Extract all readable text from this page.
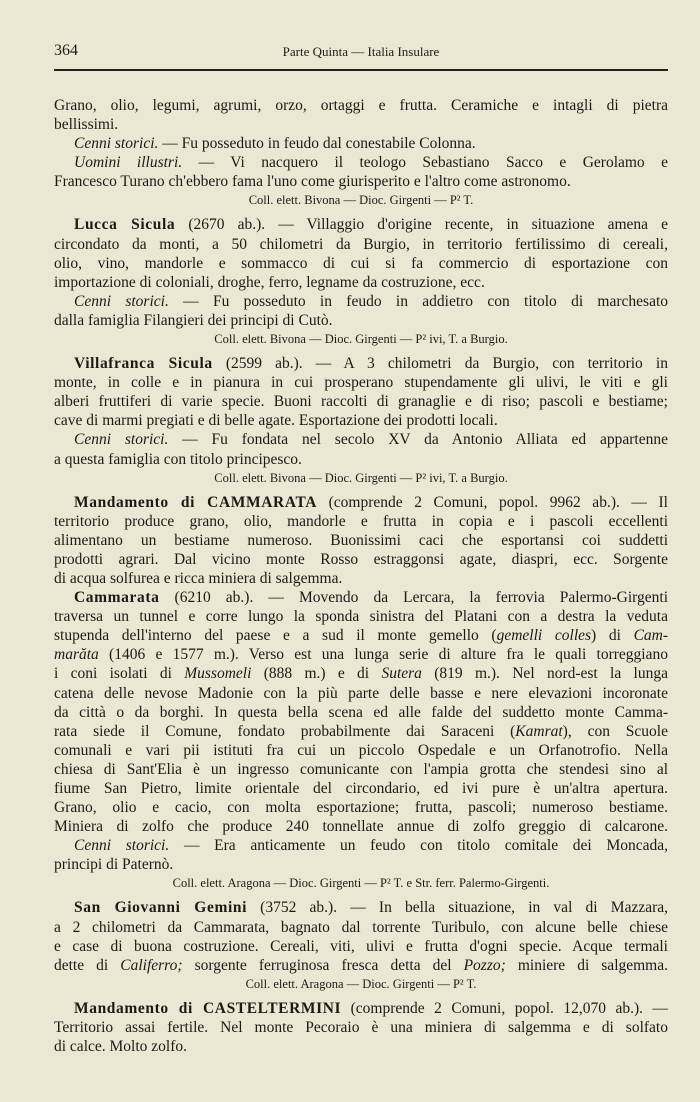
364	Parte Quinta — Italia Insulare
Grano, olio, legumi, agrumi, orzo, ortaggi e frutta. Ceramiche e intagli di pietra
bellissimi.
Cenni storici. — Fu posseduto in feudo dal conestabile Colonna.
Uomini illustri. — Vi nacquero il teologo Sebastiano Sacco e Gerolamo e
Francesco Turano ch'ebbero fama l'uno come giurisperito e l'altro come astronomo.
Coll. elett. Bivona — Dioc. Girgenti — P² T.
Lucca Sicula (2670 ab.). — Villaggio d'origine recente, in situazione amena e
circondato da monti, a 50 chilometri da Burgio, in territorio fertilissimo di cereali,
olio, vino, mandorle e sommacco di cui si fa commercio di esportazione con
importazione di coloniali, droghe, ferro, legname da costruzione, ecc.
Cenni storici. — Fu posseduto in feudo in addietro con titolo di marchesato
dalla famiglia Filangieri dei principi di Cutò.
Coll. elett. Bivona — Dioc. Girgenti — P² ivi, T. a Burgio.
Villafranca Sicula (2599 ab.). — A 3 chilometri da Burgio, con territorio in
monte, in colle e in pianura in cui prosperano stupendamente gli ulivi, le viti e gli
alberi fruttiferi di varie specie. Buoni raccolti di granaglie e di riso; pascoli e bestiame;
cave di marmi pregiati e di belle agate. Esportazione dei prodotti locali.
Cenni storici. — Fu fondata nel secolo XV da Antonio Alliata ed appartenne
a questa famiglia con titolo principesco.
Coll. elett. Bivona — Dioc. Girgenti — P² ivi, T. a Burgio.
Mandamento di CAMMARATA (comprende 2 Comuni, popol. 9962 ab.). — Il
territorio produce grano, olio, mandorle e frutta in copia e i pascoli eccellenti
alimentano un bestiame numeroso. Buonissimi caci che esportansi coi suddetti
prodotti agrari. Dal vicino monte Rosso estraggonsi agate, diaspri, ecc. Sorgente
di acqua solfurea e ricca miniera di salgemma.
Cammarata (6210 ab.). — Movendo da Lercara, la ferrovia Palermo-Girgenti
traversa un tunnel e corre lungo la sponda sinistra del Platani con a destra la veduta
stupenda dell'interno del paese e a sud il monte gemello (gemelli colles) di Cam-
marăta (1406 e 1577 m.). Verso est una lunga serie di alture fra le quali torreggiano
i coni isolati di Mussomeli (888 m.) e di Sutera (819 m.). Nel nord-est la lunga
catena delle nevose Madonie con la più parte delle basse e nere elevazioni incoronate
da città o da borghi. In questa bella scena ed alle falde del suddetto monte Camma-
rata siede il Comune, fondato probabilmente dai Saraceni (Kamrat), con Scuole
comunali e vari pii istituti fra cui un piccolo Ospedale e un Orfanotrofio. Nella
chiesa di Sant'Elia è un ingresso comunicante con l'ampia grotta che stendesi sino al
fiume San Pietro, limite orientale del circondario, ed ivi pure è un'altra apertura.
Grano, olio e cacio, con molta esportazione; frutta, pascoli; numeroso bestiame.
Miniera di zolfo che produce 240 tonnellate annue di zolfo greggio di calcarone.
Cenni storici. — Era anticamente un feudo con titolo comitale dei Moncada,
principi di Paternò.
Coll. elett. Aragona — Dioc. Girgenti — P² T. e Str. ferr. Palermo-Girgenti.
San Giovanni Gemini (3752 ab.). — In bella situazione, in val di Mazzara,
a 2 chilometri da Cammarata, bagnato dal torrente Turibulo, con alcune belle chiese
e case di buona costruzione. Cereali, viti, ulivi e frutta d'ogni specie. Acque termali
dette di Califerro; sorgente ferruginosa fresca detta del Pozzo; miniere di salgemma.
Coll. elett. Aragona — Dioc. Girgenti — P² T.
Mandamento di CASTELTERMINI (comprende 2 Comuni, popol. 12,070 ab.). —
Territorio assai fertile. Nel monte Pecoraio è una miniera di salgemma e di solfato
di calce. Molto zolfo.
